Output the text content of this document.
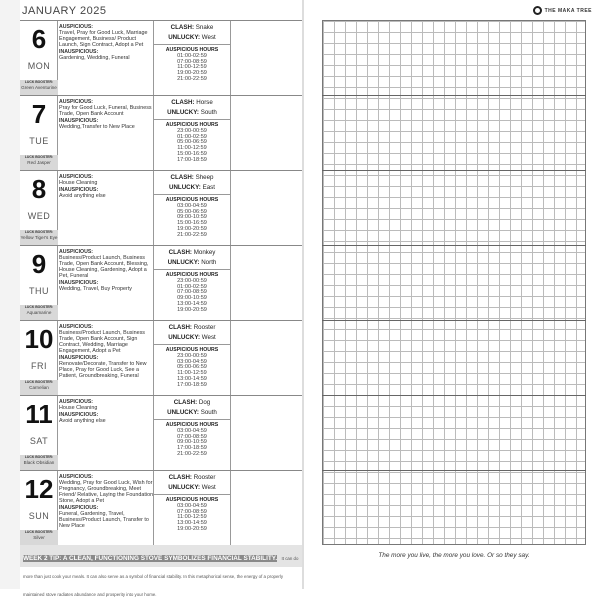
JANUARY 2025
6
MON
LUCK BOOSTER:
Green Aventurine
AUSPICIOUS:
Travel, Pray for Good Luck, Marriage Engagement, Business/ Product Launch, Sign Contract, Adopt a Pet
INAUSPICIOUS:
Gardening, Wedding, Funeral
CLASH: Snake
UNLUCKY: West
AUSPICIOUS HOURS
01:00-02:59
07:00-08:59
11:00-12:59
19:00-20:59
21:00-22:59
7
TUE
LUCK BOOSTER:
Red Jasper
AUSPICIOUS:
Pray for Good Luck, Funeral, Business Trade, Open Bank Account
INAUSPICIOUS:
Wedding,Transfer to New Place
CLASH: Horse
UNLUCKY: South
AUSPICIOUS HOURS
23:00-00:59
01:00-02:59
05:00-06:59
11:00-12:59
15:00-16:59
17:00-18:59
8
WED
LUCK BOOSTER:
Yellow Tiger's Eye
AUSPICIOUS:
House Cleaning
INAUSPICIOUS:
Avoid anything else
CLASH: Sheep
UNLUCKY: East
AUSPICIOUS HOURS
03:00-04:59
05:00-06:59
09:00-10:59
15:00-16:59
19:00-20:59
21:00-22:59
9
THU
LUCK BOOSTER:
Aquamarine
AUSPICIOUS:
Business/Product Launch, Business Trade, Open Bank Account, Blessing, House Cleaning, Gardening, Adopt a Pet, Funeral
INAUSPICIOUS:
Wedding, Travel, Buy Property
CLASH: Monkey
UNLUCKY: North
AUSPICIOUS HOURS
23:00-00:59
01:00-02:59
07:00-08:59
09:00-10:59
13:00-14:59
19:00-20:59
10
FRI
LUCK BOOSTER:
Carnelian
AUSPICIOUS:
Business/Product Launch, Business Trade, Open Bank Account, Sign Contract, Wedding, Marriage Engagement, Adopt a Pet
INAUSPICIOUS:
Renovate/Decorate, Transfer to New Place, Pray for Good Luck, See a Patient, Groundbreaking, Funeral
CLASH: Rooster
UNLUCKY: West
AUSPICIOUS HOURS
23:00-00:59
03:00-04:59
05:00-06:59
11:00-12:59
13:00-14:59
17:00-18:59
11
SAT
LUCK BOOSTER:
Black Obsidian
AUSPICIOUS:
House Cleaning
INAUSPICIOUS:
Avoid anything else
CLASH: Dog
UNLUCKY: South
AUSPICIOUS HOURS
03:00-04:59
07:00-08:59
09:00-10:59
17:00-18:59
21:00-22:59
12
SUN
LUCK BOOSTER:
Silver
AUSPICIOUS:
Wedding, Pray for Good Luck, Wish for Pregnancy, Groundbreaking, Meet Friend/ Relative, Laying the Foundation Stone, Adopt a Pet
INAUSPICIOUS:
Funeral, Gardening, Travel, Business/Product Launch, Transfer to New Place
CLASH: Rooster
UNLUCKY: West
AUSPICIOUS HOURS
03:00-04:59
07:00-08:59
11:00-12:59
13:00-14:59
19:00-20:59
WEEK 2 TIP: A CLEAN, FUNCTIONING STOVE SYMBOLIZES FINANCIAL STABILITY. It can do more than just cook your meals. It can also serve as a symbol of financial stability. In this metaphorical sense, the energy of a properly maintained stove radiates abundance and prosperity into your home.
THE MAKA TREE
The more you live, the more you love. Or so they say.
